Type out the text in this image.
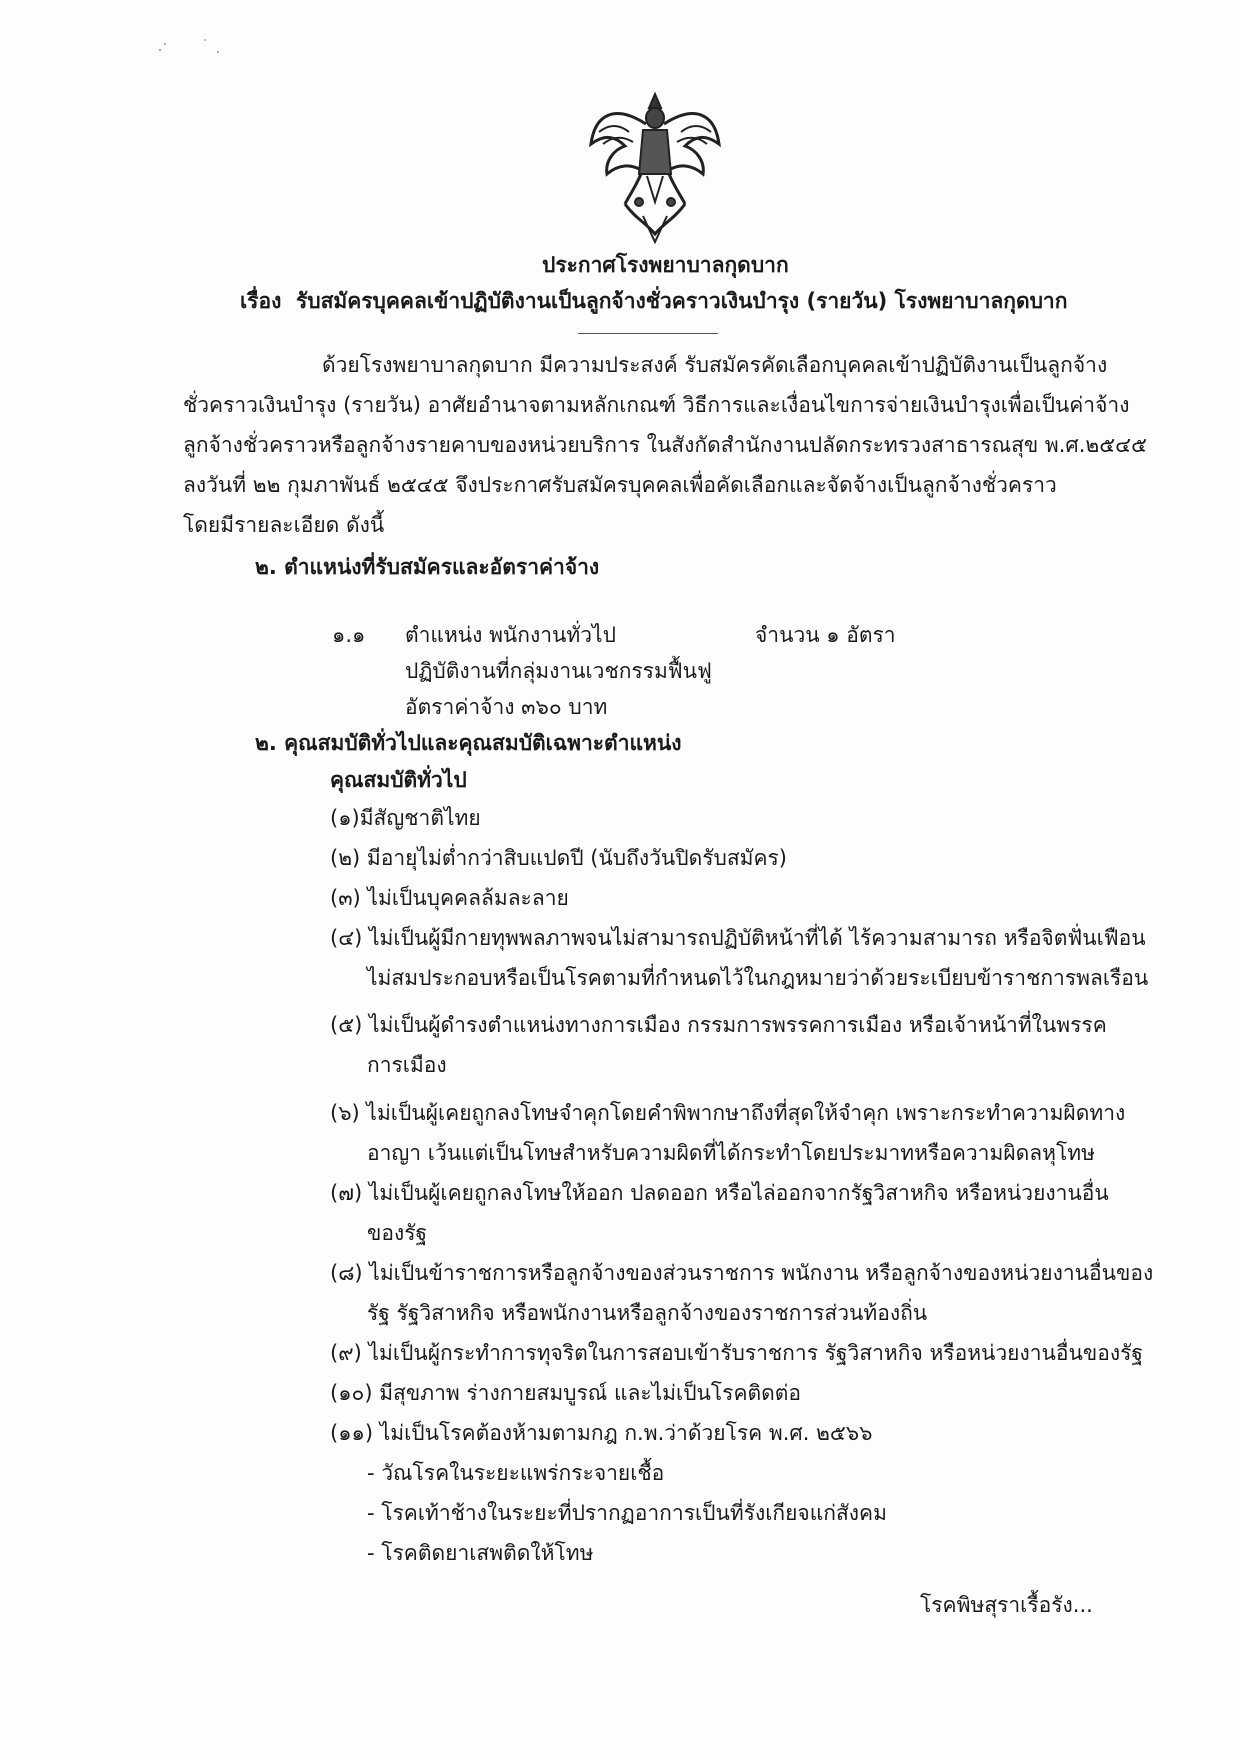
ประกาศโรงพยาบาลกุดบาก
เรื่อง รับสมัครบุคคลเข้าปฏิบัติงานเป็นลูกจ้างชั่วคราวเงินบำรุง (รายวัน) โรงพยาบาลกุดบาก
ด้วยโรงพยาบาลกุดบาก มีความประสงค์ รับสมัครคัดเลือกบุคคลเข้าปฏิบัติงานเป็นลูกจ้าง
ชั่วคราวเงินบำรุง (รายวัน) อาศัยอำนาจตามหลักเกณฑ์ วิธีการและเงื่อนไขการจ่ายเงินบำรุงเพื่อเป็นค่าจ้าง
ลูกจ้างชั่วคราวหรือลูกจ้างรายคาบของหน่วยบริการ ในสังกัดสำนักงานปลัดกระทรวงสาธารณสุข พ.ศ.๒๕๔๕
ลงวันที่ ๒๒ กุมภาพันธ์ ๒๕๔๕ จึงประกาศรับสมัครบุคคลเพื่อคัดเลือกและจัดจ้างเป็นลูกจ้างชั่วคราว
โดยมีรายละเอียด ดังนี้
๒. ตำแหน่งที่รับสมัครและอัตราค่าจ้าง
๑.๑ ตำแหน่ง พนักงานทั่วไป	จำนวน ๑ อัตรา
ปฏิบัติงานที่กลุ่มงานเวชกรรมฟื้นฟู
อัตราค่าจ้าง ๓๖๐ บาท
๒. คุณสมบัติทั่วไปและคุณสมบัติเฉพาะตำแหน่ง
คุณสมบัติทั่วไป
(๑)มีสัญชาติไทย
(๒) มีอายุไม่ต่ำกว่าสิบแปดปี (นับถึงวันปิดรับสมัคร)
(๓) ไม่เป็นบุคคลล้มละลาย
(๔) ไม่เป็นผู้มีกายทุพพลภาพจนไม่สามารถปฏิบัติหน้าที่ได้ ไร้ความสามารถ หรือจิตฟั่นเฟือน
ไม่สมประกอบหรือเป็นโรคตามที่กำหนดไว้ในกฎหมายว่าด้วยระเบียบข้าราชการพลเรือน
(๕) ไม่เป็นผู้ดำรงตำแหน่งทางการเมือง กรรมการพรรคการเมือง หรือเจ้าหน้าที่ในพรรค
การเมือง
(๖) ไม่เป็นผู้เคยถูกลงโทษจำคุกโดยคำพิพากษาถึงที่สุดให้จำคุก เพราะกระทำความผิดทาง
อาญา เว้นแต่เป็นโทษสำหรับความผิดที่ได้กระทำโดยประมาทหรือความผิดลหุโทษ
(๗) ไม่เป็นผู้เคยถูกลงโทษให้ออก ปลดออก หรือไล่ออกจากรัฐวิสาหกิจ หรือหน่วยงานอื่น
ของรัฐ
(๘) ไม่เป็นข้าราชการหรือลูกจ้างของส่วนราชการ พนักงาน หรือลูกจ้างของหน่วยงานอื่นของ
รัฐ รัฐวิสาหกิจ หรือพนักงานหรือลูกจ้างของราชการส่วนท้องถิ่น
(๙) ไม่เป็นผู้กระทำการทุจริตในการสอบเข้ารับราชการ รัฐวิสาหกิจ หรือหน่วยงานอื่นของรัฐ
(๑๐) มีสุขภาพ ร่างกายสมบูรณ์ และไม่เป็นโรคติดต่อ
(๑๑) ไม่เป็นโรคต้องห้ามตามกฎ ก.พ.ว่าด้วยโรค พ.ศ. ๒๕๖๖
- วัณโรคในระยะแพร่กระจายเชื้อ
- โรคเท้าช้างในระยะที่ปรากฏอาการเป็นที่รังเกียจแก่สังคม
- โรคติดยาเสพติดให้โทษ
โรคพิษสุราเรื้อรัง...
